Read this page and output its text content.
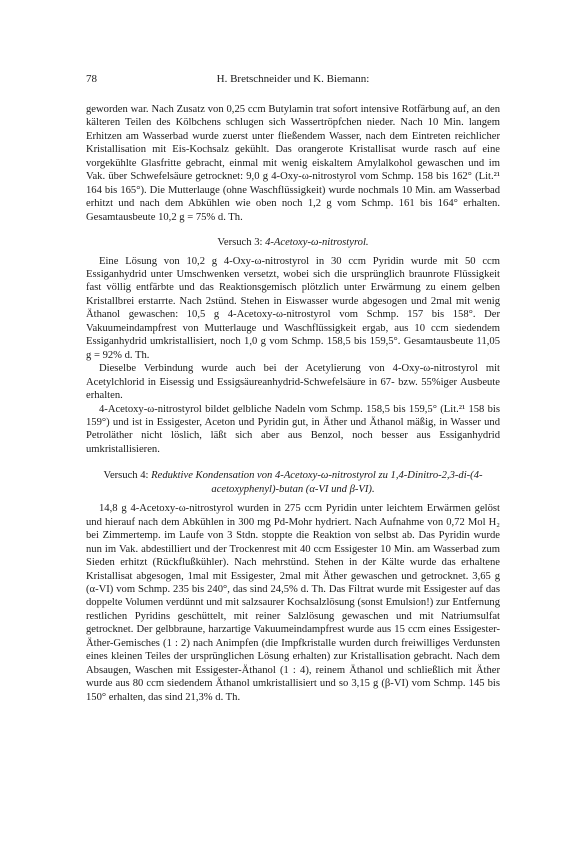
78	H. Bretschneider und K. Biemann:

geworden war. Nach Zusatz von 0,25 ccm Butylamin trat sofort intensive Rotfärbung auf, an den kälteren Teilen des Kölbchens schlugen sich Wassertröpfchen nieder. Nach 10 Min. langem Erhitzen am Wasserbad wurde zuerst unter fließendem Wasser, nach dem Eintreten reichlicher Kristallisation mit Eis-Kochsalz gekühlt. Das orangerote Kristallisat wurde rasch auf eine vorgekühlte Glasfritte gebracht, einmal mit wenig eiskaltem Amylalkohol gewaschen und im Vak. über Schwefelsäure getrocknet: 9,0 g 4-Oxy-ω-nitrostyrol vom Schmp. 158 bis 162° (Lit.²¹ 164 bis 165°). Die Mutterlauge (ohne Waschflüssigkeit) wurde nochmals 10 Min. am Wasserbad erhitzt und nach dem Abkühlen wie oben noch 1,2 g vom Schmp. 161 bis 164° erhalten. Gesamtausbeute 10,2 g = 75% d. Th.

Versuch 3: 4-Acetoxy-ω-nitrostyrol.

Eine Lösung von 10,2 g 4-Oxy-ω-nitrostyrol in 30 ccm Pyridin wurde mit 50 ccm Essiganhydrid unter Umschwenken versetzt, wobei sich die ursprünglich braunrote Flüssigkeit fast völlig entfärbte und das Reaktionsgemisch plötzlich unter Erwärmung zu einem gelben Kristallbrei erstarrte. Nach 2stünd. Stehen in Eiswasser wurde abgesogen und 2mal mit wenig Äthanol gewaschen: 10,5 g 4-Acetoxy-ω-nitrostyrol vom Schmp. 157 bis 158°. Der Vakuumeindampfrest von Mutterlauge und Waschflüssigkeit ergab, aus 10 ccm siedendem Essiganhydrid umkristallisiert, noch 1,0 g vom Schmp. 158,5 bis 159,5°. Gesamtausbeute 11,05 g = 92% d. Th.

Dieselbe Verbindung wurde auch bei der Acetylierung von 4-Oxy-ω-nitrostyrol mit Acetylchlorid in Eisessig und Essigsäureanhydrid-Schwefelsäure in 67- bzw. 55%iger Ausbeute erhalten.

4-Acetoxy-ω-nitrostyrol bildet gelbliche Nadeln vom Schmp. 158,5 bis 159,5° (Lit.²¹ 158 bis 159°) und ist in Essigester, Aceton und Pyridin gut, in Äther und Äthanol mäßig, in Wasser und Petroläther nicht löslich, läßt sich aber aus Benzol, noch besser aus Essiganhydrid umkristallisieren.

Versuch 4: Reduktive Kondensation von 4-Acetoxy-ω-nitrostyrol zu 1,4-Dinitro-2,3-di-(4-acetoxyphenyl)-butan (α-VI und β-VI).

14,8 g 4-Acetoxy-ω-nitrostyrol wurden in 275 ccm Pyridin unter leichtem Erwärmen gelöst und hierauf nach dem Abkühlen in 300 mg Pd-Mohr hydriert. Nach Aufnahme von 0,72 Mol H₂ bei Zimmertemp. im Laufe von 3 Stdn. stoppte die Reaktion von selbst ab. Das Pyridin wurde nun im Vak. abdestilliert und der Trockenrest mit 40 ccm Essigester 10 Min. am Wasserbad zum Sieden erhitzt (Rückflußkühler). Nach mehrstünd. Stehen in der Kälte wurde das erhaltene Kristallisat abgesogen, 1mal mit Essigester, 2mal mit Äther gewaschen und getrocknet. 3,65 g (α-VI) vom Schmp. 235 bis 240°, das sind 24,5% d. Th. Das Filtrat wurde mit Essigester auf das doppelte Volumen verdünnt und mit salzsaurer Kochsalzlösung (sonst Emulsion!) zur Entfernung restlichen Pyridins geschüttelt, mit reiner Salzlösung gewaschen und mit Natriumsulfat getrocknet. Der gelbbraune, harzartige Vakuumeindampfrest wurde aus 15 ccm eines Essigester-Äther-Gemisches (1 : 2) nach Animpfen (die Impfkristalle wurden durch freiwilliges Verdunsten eines kleinen Teiles der ursprünglichen Lösung erhalten) zur Kristallisation gebracht. Nach dem Absaugen, Waschen mit Essigester-Äthanol (1 : 4), reinem Äthanol und schließlich mit Äther wurde aus 80 ccm siedendem Äthanol umkristallisiert und so 3,15 g (β-VI) vom Schmp. 145 bis 150° erhalten, das sind 21,3% d. Th.
